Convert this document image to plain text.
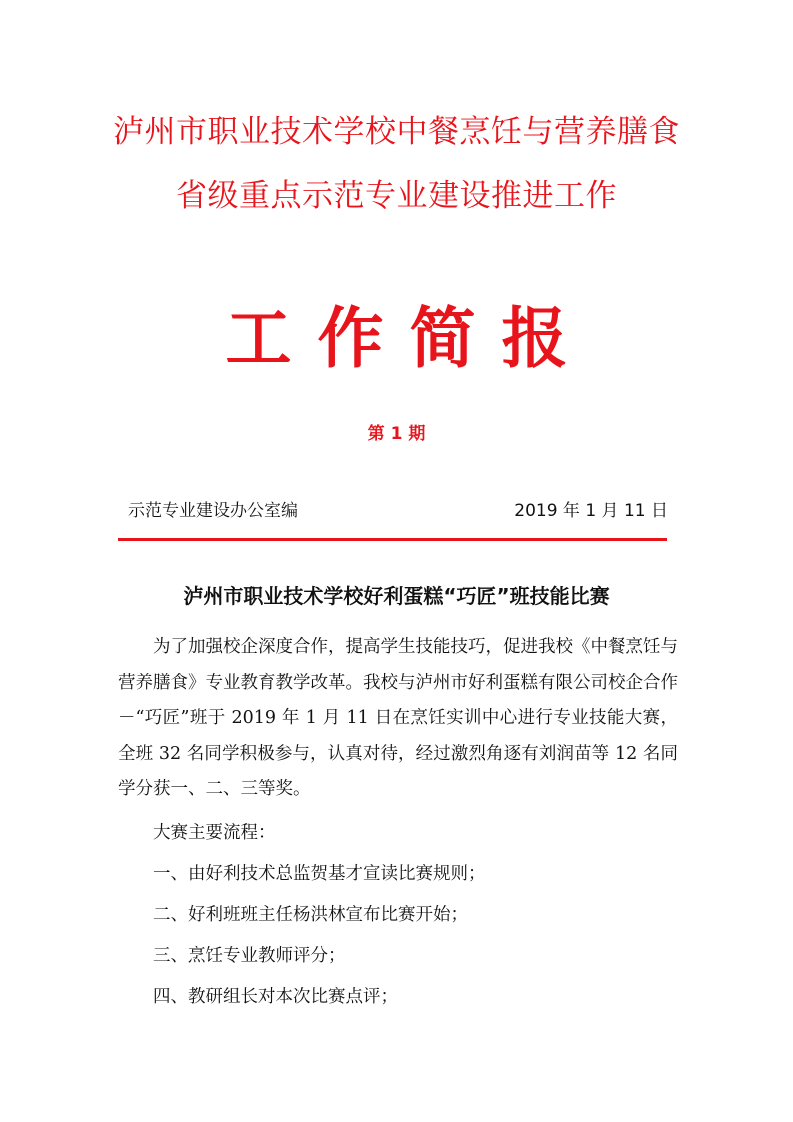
泸州市职业技术学校中餐烹饪与营养膳食
省级重点示范专业建设推进工作
工作简报
第 1 期
示范专业建设办公室编	2019 年 1 月 11 日
泸州市职业技术学校好利蛋糕“巧匠”班技能比赛

为了加强校企深度合作，提高学生技能技巧，促进我校《中餐烹饪与营养膳食》专业教育教学改革。我校与泸州市好利蛋糕有限公司校企合作－“巧匠”班于 2019 年 1 月 11 日在烹饪实训中心进行专业技能大赛，全班 32 名同学积极参与，认真对待，经过激烈角逐有刘润苗等 12 名同学分获一、二、三等奖。

大赛主要流程：

一、由好利技术总监贺基才宣读比赛规则；

二、好利班班主任杨洪林宣布比赛开始；

三、烹饪专业教师评分；

四、教研组长对本次比赛点评；
